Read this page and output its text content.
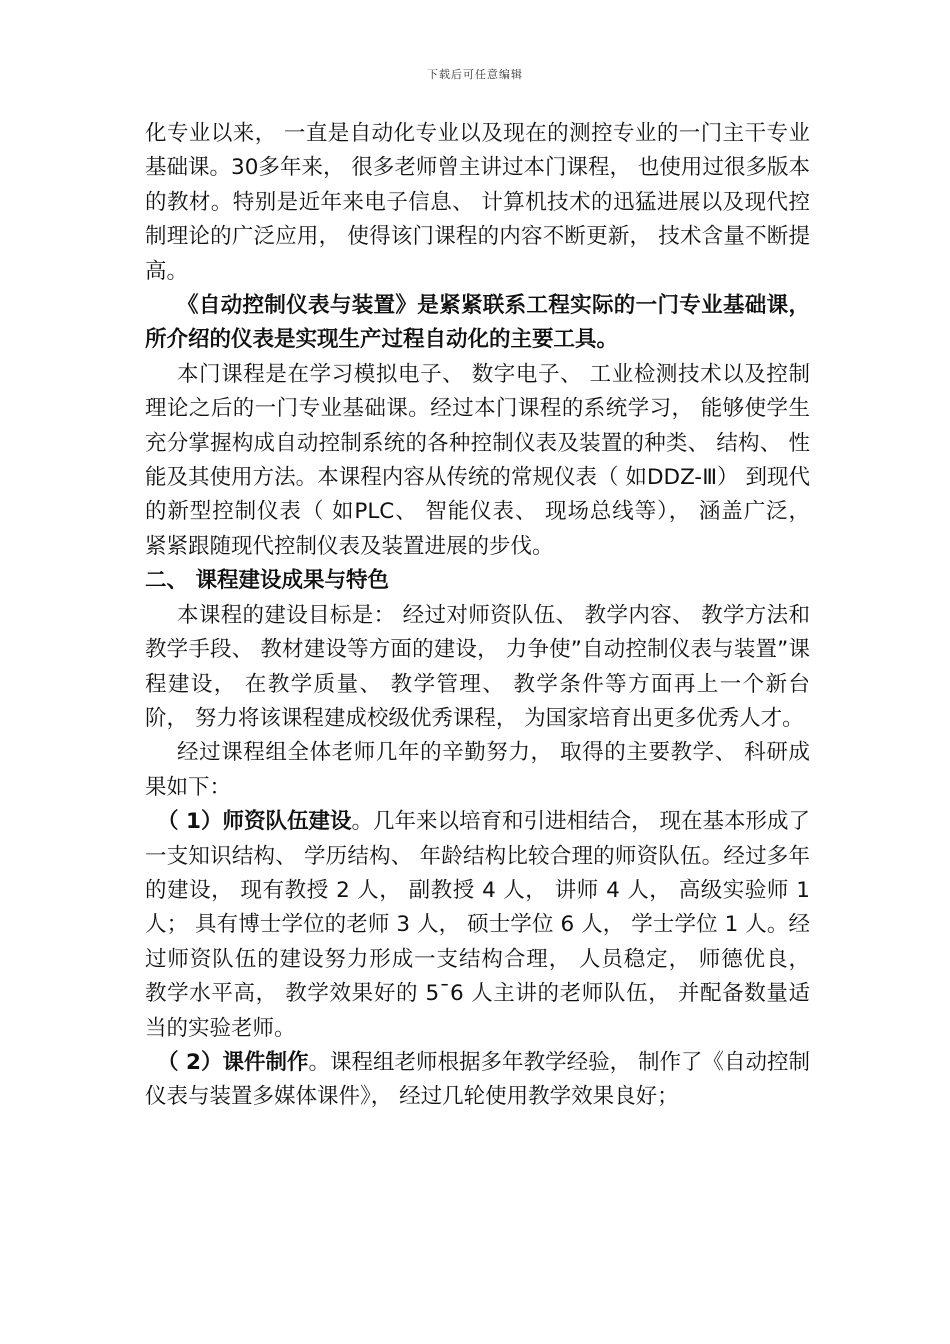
下载后可任意编辑

化专业以来， 一直是自动化专业以及现在的测控专业的一门主干专业基础课。30多年来， 很多老师曾主讲过本门课程， 也使用过很多版本的教材。特别是近年来电子信息、 计算机技术的迅猛进展以及现代控制理论的广泛应用， 使得该门课程的内容不断更新， 技术含量不断提高。

《自动控制仪表与装置》是紧紧联系工程实际的一门专业基础课， 所介绍的仪表是实现生产过程自动化的主要工具。

本门课程是在学习模拟电子、 数字电子、 工业检测技术以及控制理论之后的一门专业基础课。经过本门课程的系统学习， 能够使学生充分掌握构成自动控制系统的各种控制仪表及装置的种类、 结构、 性能及其使用方法。本课程内容从传统的常规仪表（ 如DDZ-Ⅲ） 到现代的新型控制仪表（ 如PLC、 智能仪表、 现场总线等）， 涵盖广泛， 紧紧跟随现代控制仪表及装置进展的步伐。

二、 课程建设成果与特色

本课程的建设目标是： 经过对师资队伍、 教学内容、 教学方法和教学手段、 教材建设等方面的建设， 力争使”自动控制仪表与装置”课程建设， 在教学质量、 教学管理、 教学条件等方面再上一个新台阶， 努力将该课程建成校级优秀课程， 为国家培育出更多优秀人才。

经过课程组全体老师几年的辛勤努力， 取得的主要教学、 科研成果如下：

（ 1）师资队伍建设。几年来以培育和引进相结合， 现在基本形成了一支知识结构、 学历结构、 年龄结构比较合理的师资队伍。经过多年的建设， 现有教授 2 人， 副教授 4 人， 讲师 4 人， 高级实验师 1 人； 具有博士学位的老师 3 人， 硕士学位 6 人， 学士学位 1 人。经过师资队伍的建设努力形成一支结构合理， 人员稳定， 师德优良， 教学水平高， 教学效果好的 5¯6 人主讲的老师队伍， 并配备数量适当的实验老师。

（ 2）课件制作。课程组老师根据多年教学经验， 制作了《自动控制仪表与装置多媒体课件》， 经过几轮使用教学效果良好；
